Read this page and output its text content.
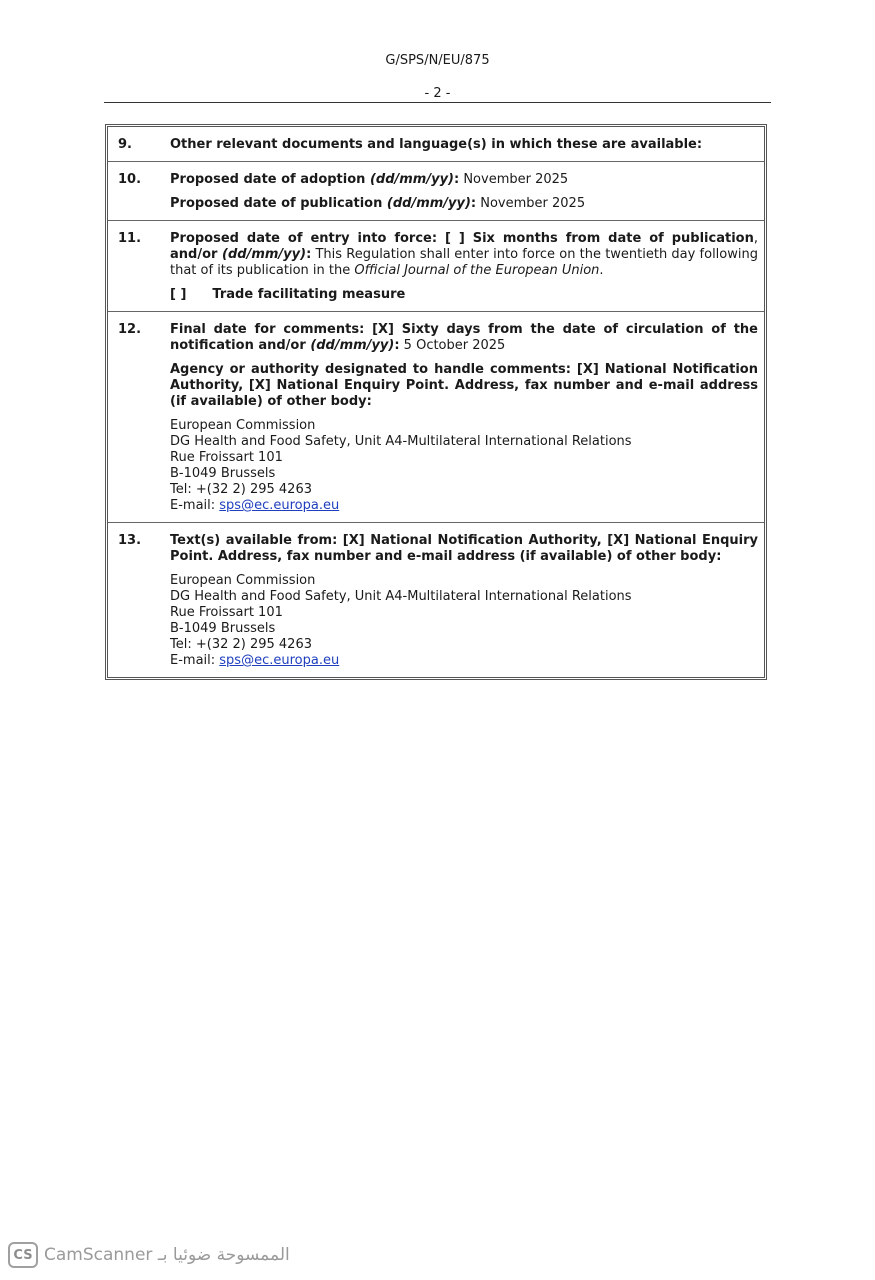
G/SPS/N/EU/875
- 2 -
9.	Other relevant documents and language(s) in which these are available:

10.	Proposed date of adoption (dd/mm/yy): November 2025

Proposed date of publication (dd/mm/yy): November 2025

11.	Proposed date of entry into force: [ ] Six months from date of publication, and/or (dd/mm/yy): This Regulation shall enter into force on the twentieth day following that of its publication in the Official Journal of the European Union.

[ ] Trade facilitating measure
12.	Final date for comments: [X] Sixty days from the date of circulation of the notification and/or (dd/mm/yy): 5 October 2025

Agency or authority designated to handle comments: [X] National Notification Authority, [X] National Enquiry Point. Address, fax number and e-mail address (if available) of other body:

European Commission

DG Health and Food Safety, Unit A4-Multilateral International Relations

Rue Froissart 101

B-1049 Brussels

Tel: +(32 2) 295 4263

E-mail: sps@ec.europa.eu

13.	Text(s) available from: [X] National Notification Authority, [X] National Enquiry Point. Address, fax number and e-mail address (if available) of other body:

European Commission

DG Health and Food Safety, Unit A4-Multilateral International Relations

Rue Froissart 101

B-1049 Brussels

Tel: +(32 2) 295 4263

E-mail: sps@ec.europa.eu

CS CamScanner الممسوحة ضوئيا بـ
